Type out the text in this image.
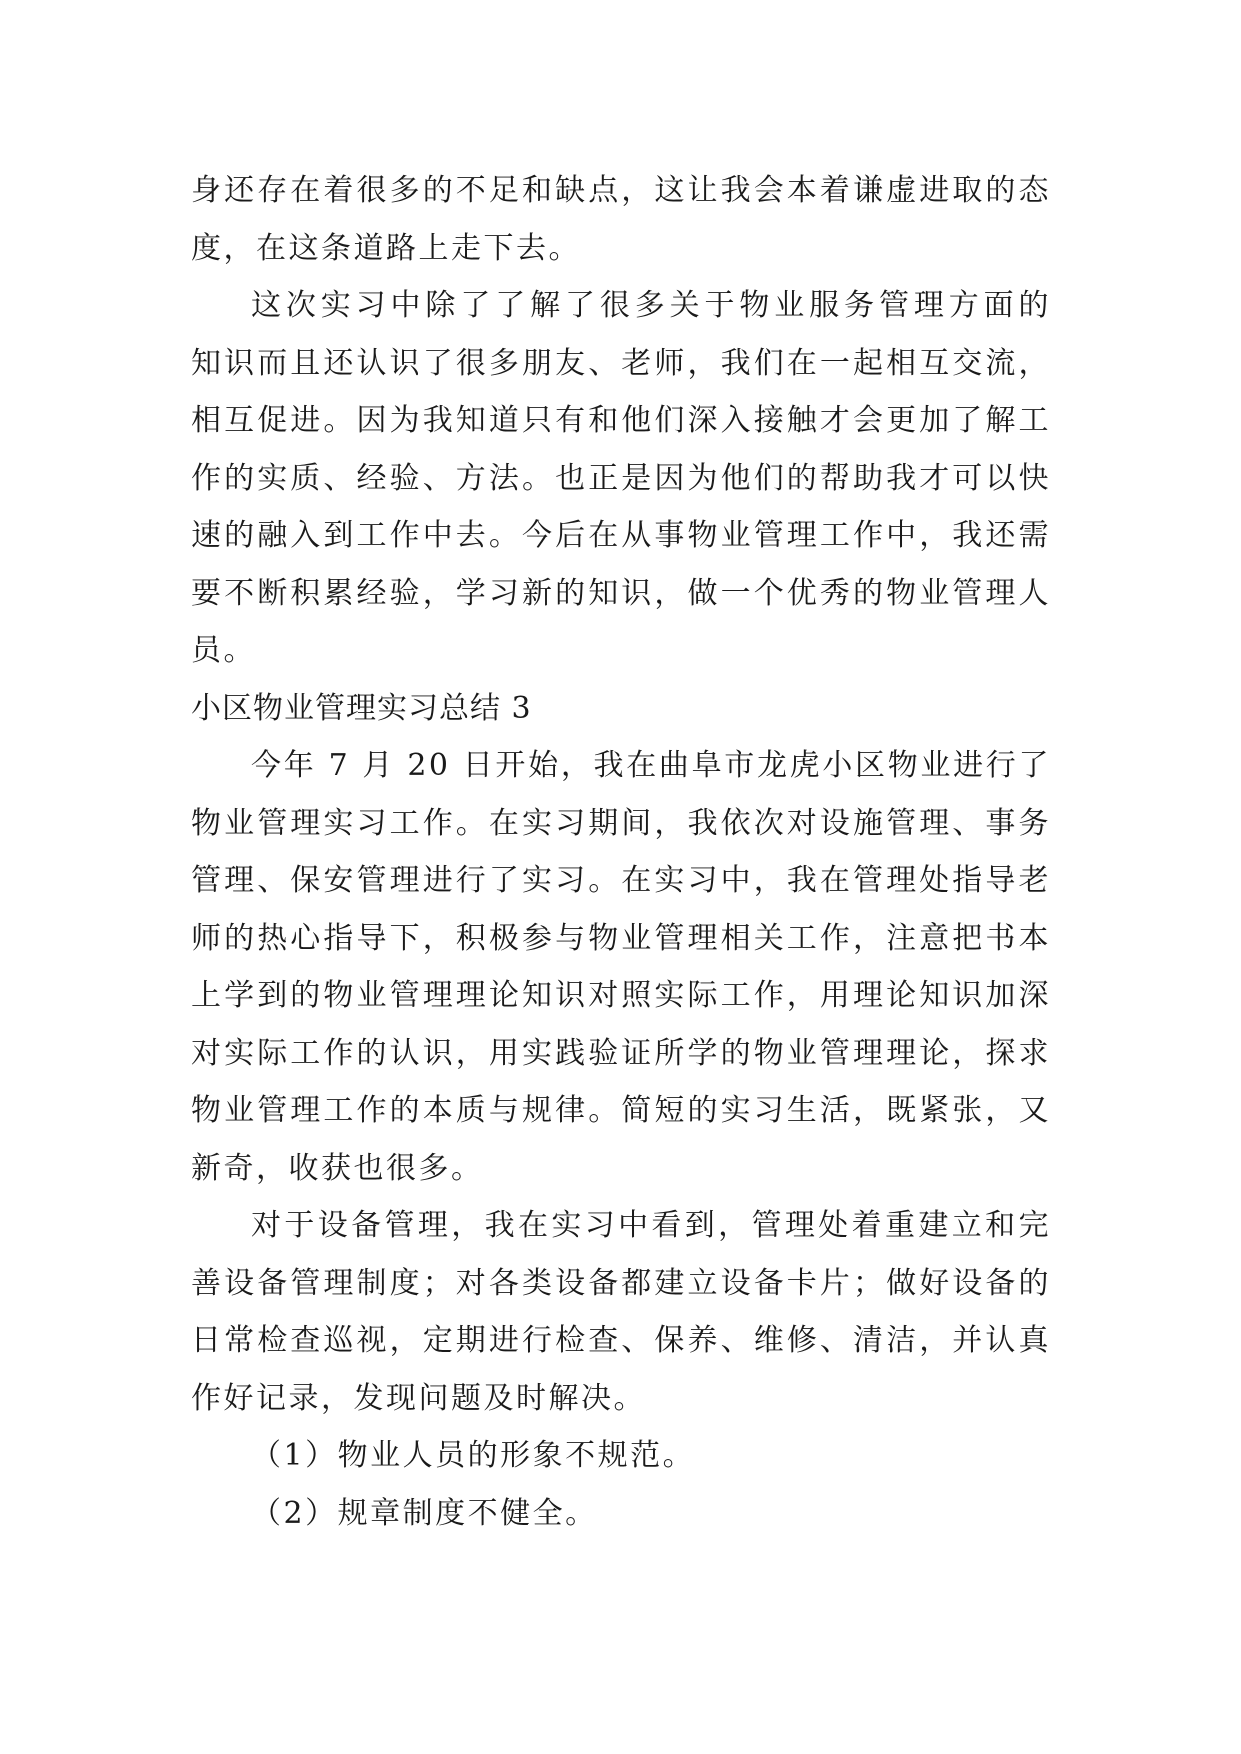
身还存在着很多的不足和缺点，这让我会本着谦虚进取的态
度，在这条道路上走下去。
这次实习中除了了解了很多关于物业服务管理方面的
知识而且还认识了很多朋友、老师，我们在一起相互交流，
相互促进。因为我知道只有和他们深入接触才会更加了解工
作的实质、经验、方法。也正是因为他们的帮助我才可以快
速的融入到工作中去。今后在从事物业管理工作中，我还需
要不断积累经验，学习新的知识，做一个优秀的物业管理人
员。
小区物业管理实习总结 3
今年 7 月 20 日开始，我在曲阜市龙虎小区物业进行了
物业管理实习工作。在实习期间，我依次对设施管理、事务
管理、保安管理进行了实习。在实习中，我在管理处指导老
师的热心指导下，积极参与物业管理相关工作，注意把书本
上学到的物业管理理论知识对照实际工作，用理论知识加深
对实际工作的认识，用实践验证所学的物业管理理论，探求
物业管理工作的本质与规律。简短的实习生活，既紧张，又
新奇，收获也很多。
对于设备管理，我在实习中看到，管理处着重建立和完
善设备管理制度；对各类设备都建立设备卡片；做好设备的
日常检查巡视，定期进行检查、保养、维修、清洁，并认真
作好记录，发现问题及时解决。
（1）物业人员的形象不规范。
（2）规章制度不健全。
